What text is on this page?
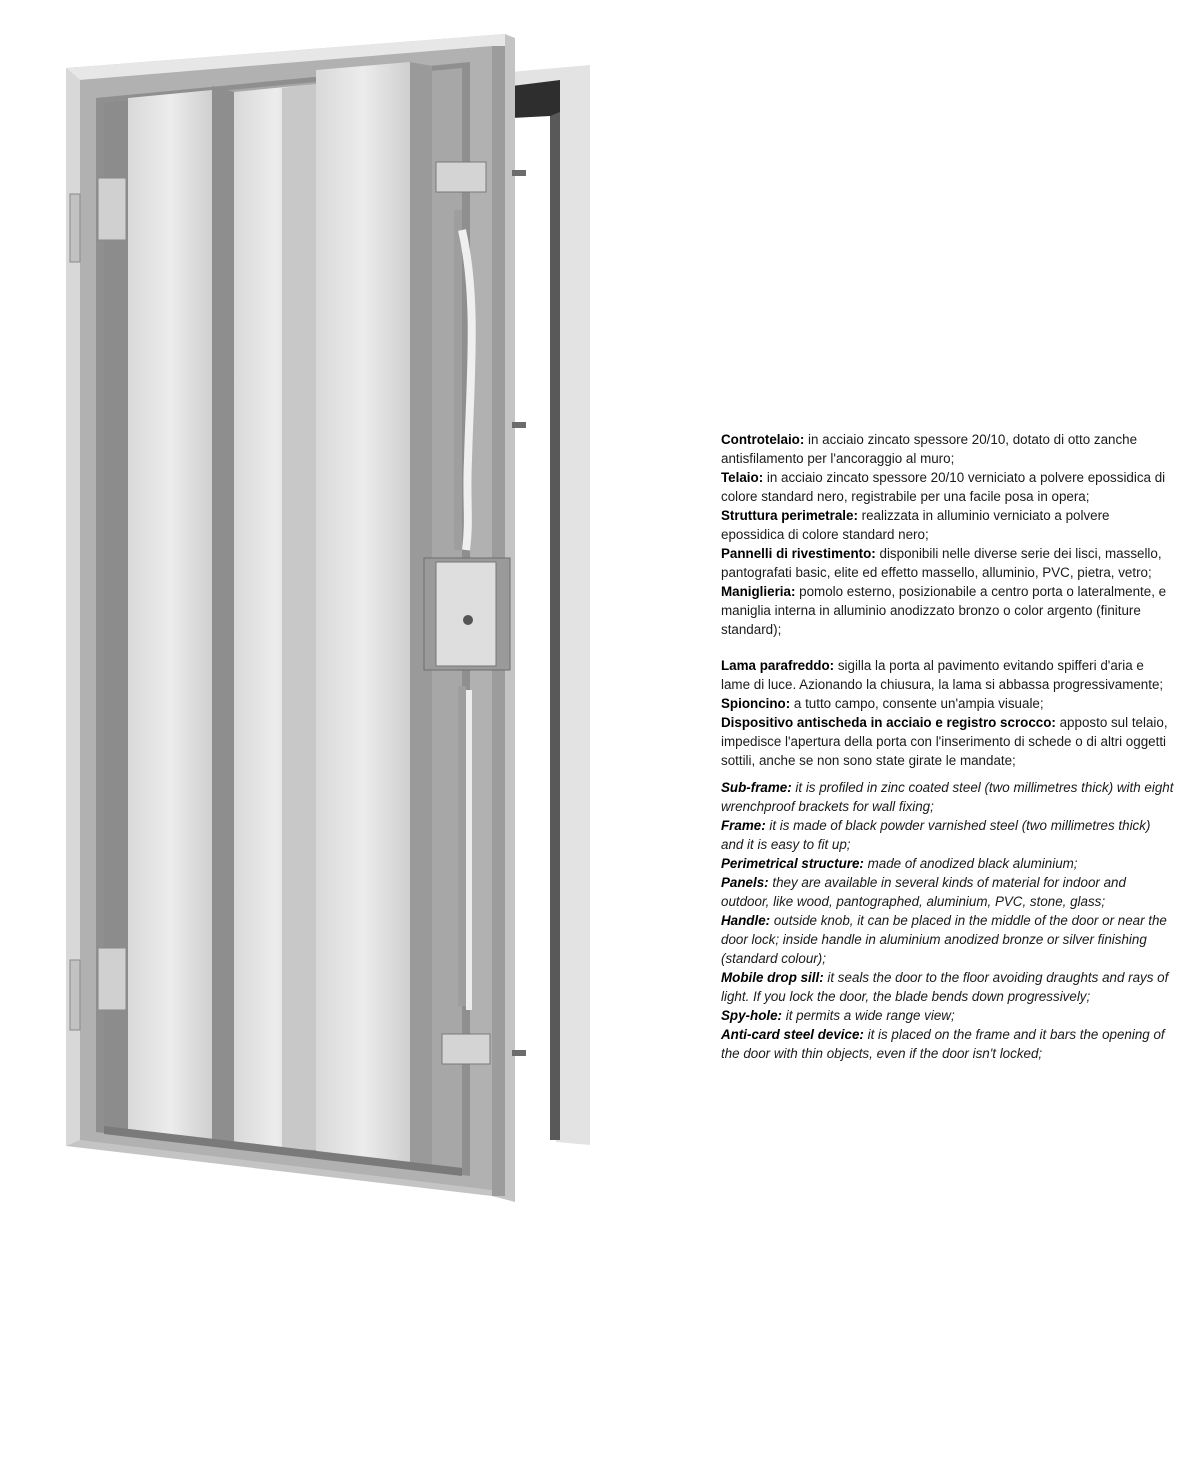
Controtelaio: in acciaio zincato spessore 20/10, dotato di otto zanche antisfilamento per l'ancoraggio al muro;

Telaio: in acciaio zincato spessore 20/10 verniciato a polvere epossidica di colore standard nero, registrabile per una facile posa in opera;

Struttura perimetrale: realizzata in alluminio verniciato a polvere epossidica di colore standard nero;

Pannelli di rivestimento: disponibili nelle diverse serie dei lisci, massello, pantografati basic, elite ed effetto massello, alluminio, PVC, pietra, vetro;

Maniglieria: pomolo esterno, posizionabile a centro porta o lateralmente, e maniglia interna in alluminio anodizzato bronzo o color argento (finiture standard);

Lama parafreddo: sigilla la porta al pavimento evitando spifferi d'aria e lame di luce. Azionando la chiusura, la lama si abbassa progressivamente;

Spioncino: a tutto campo, consente un'ampia visuale;

Dispositivo antischeda in acciaio e registro scrocco: apposto sul telaio, impedisce l'apertura della porta con l'inserimento di schede o di altri oggetti sottili, anche se non sono state girate le mandate;

Sub-frame: it is profiled in zinc coated steel (two millimetres thick) with eight wrenchproof brackets for wall fixing;

Frame: it is made of black powder varnished steel (two millimetres thick) and it is easy to fit up;

Perimetrical structure: made of anodized black aluminium;

Panels: they are available in several kinds of material for indoor and outdoor, like wood, pantographed, aluminium, PVC, stone, glass;

Handle: outside knob, it can be placed in the middle of the door or near the door lock; inside handle in aluminium anodized bronze or silver finishing (standard colour);

Mobile drop sill: it seals the door to the floor avoiding draughts and rays of light. If you lock the door, the blade bends down progressively;

Spy-hole: it permits a wide range view;

Anti-card steel device: it is placed on the frame and it bars the opening of the door with thin objects, even if the door isn't locked;
